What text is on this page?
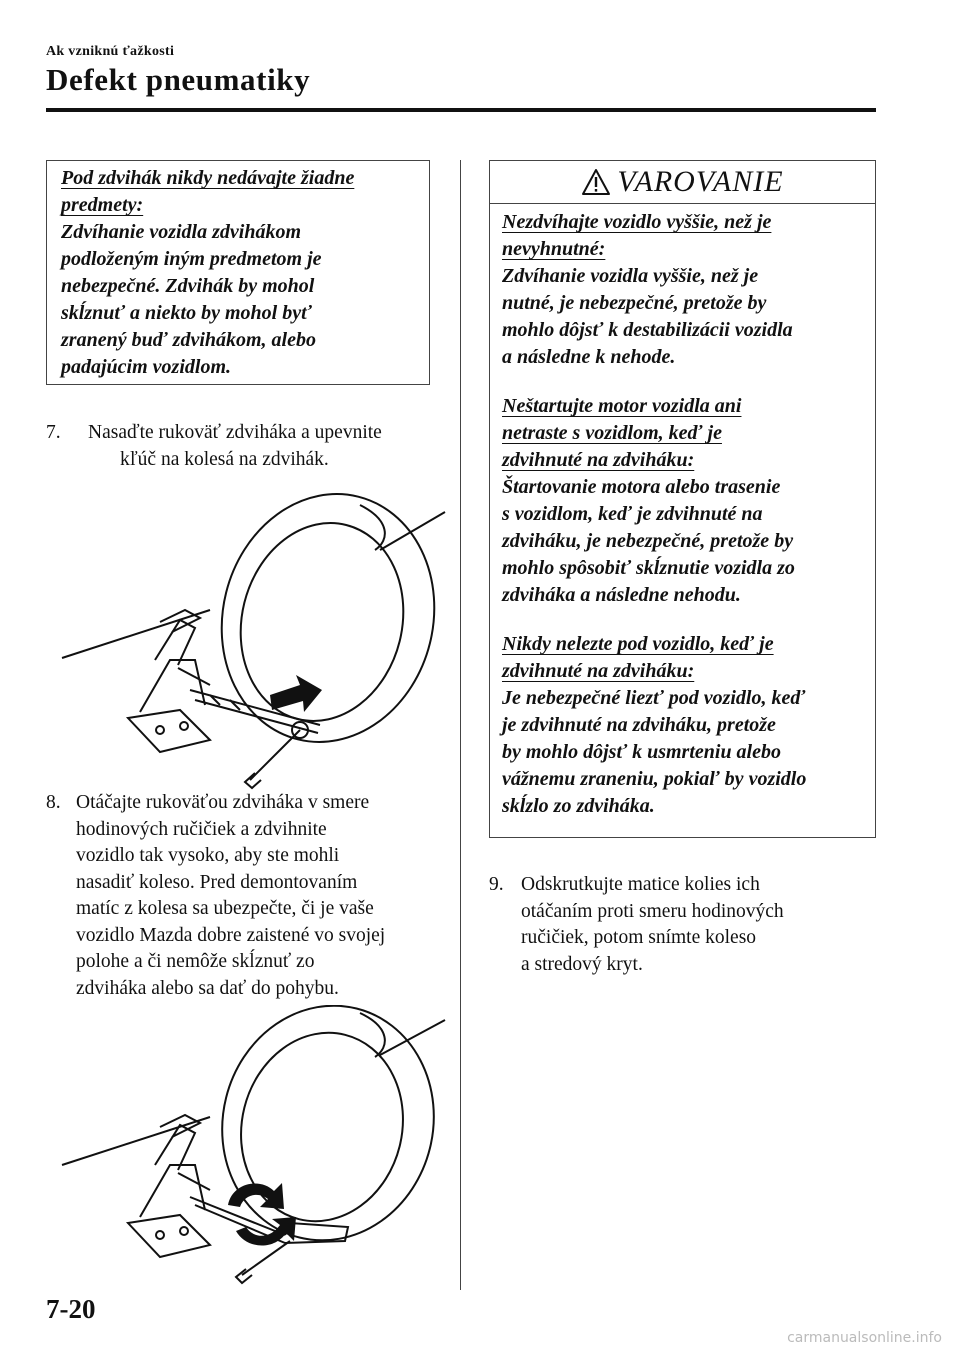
Ak vzniknú ťažkosti
Defekt pneumatiky
Pod zdvihák nikdy nedávajte žiadne
predmety:
Zdvíhanie vozidla zdvihákom
podloženým iným predmetom je
nebezpečné. Zdvihák by mohol
skĺznuť a niekto by mohol byť
zranený buď zdvihákom, alebo
padajúcim vozidlom.
7. Nasaďte rukoväť zdviháka a upevnite
kľúč na kolesá na zdvihák.
8. Otáčajte rukoväťou zdviháka v smere
hodinových ručičiek a zdvihnite
vozidlo tak vysoko, aby ste mohli
nasadiť koleso. Pred demontovaním
matíc z kolesa sa ubezpečte, či je vaše
vozidlo Mazda dobre zaistené vo svojej
polohe a či nemôže skĺznuť zo
zdviháka alebo sa dať do pohybu.
VAROVANIE

Nezdvíhajte vozidlo vyššie, než je
nevyhnutné:
Zdvíhanie vozidla vyššie, než je
nutné, je nebezpečné, pretože by
mohlo dôjsť k destabilizácii vozidla
a následne k nehode.

Neštartujte motor vozidla ani
netraste s vozidlom, keď je
zdvihnuté na zdviháku:
Štartovanie motora alebo trasenie
s vozidlom, keď je zdvihnuté na
zdviháku, je nebezpečné, pretože by
mohlo spôsobiť skĺznutie vozidla zo
zdviháka a následne nehodu.

Nikdy nelezte pod vozidlo, keď je
zdvihnuté na zdviháku:
Je nebezpečné liezť pod vozidlo, keď
je zdvihnuté na zdviháku, pretože
by mohlo dôjsť k usmrteniu alebo
vážnemu zraneniu, pokiaľ by vozidlo
skĺzlo zo zdviháka.

9. Odskrutkujte matice kolies ich
otáčaním proti smeru hodinových
ručičiek, potom snímte koleso
a stredový kryt.
7-20
carmanualsonline.info
